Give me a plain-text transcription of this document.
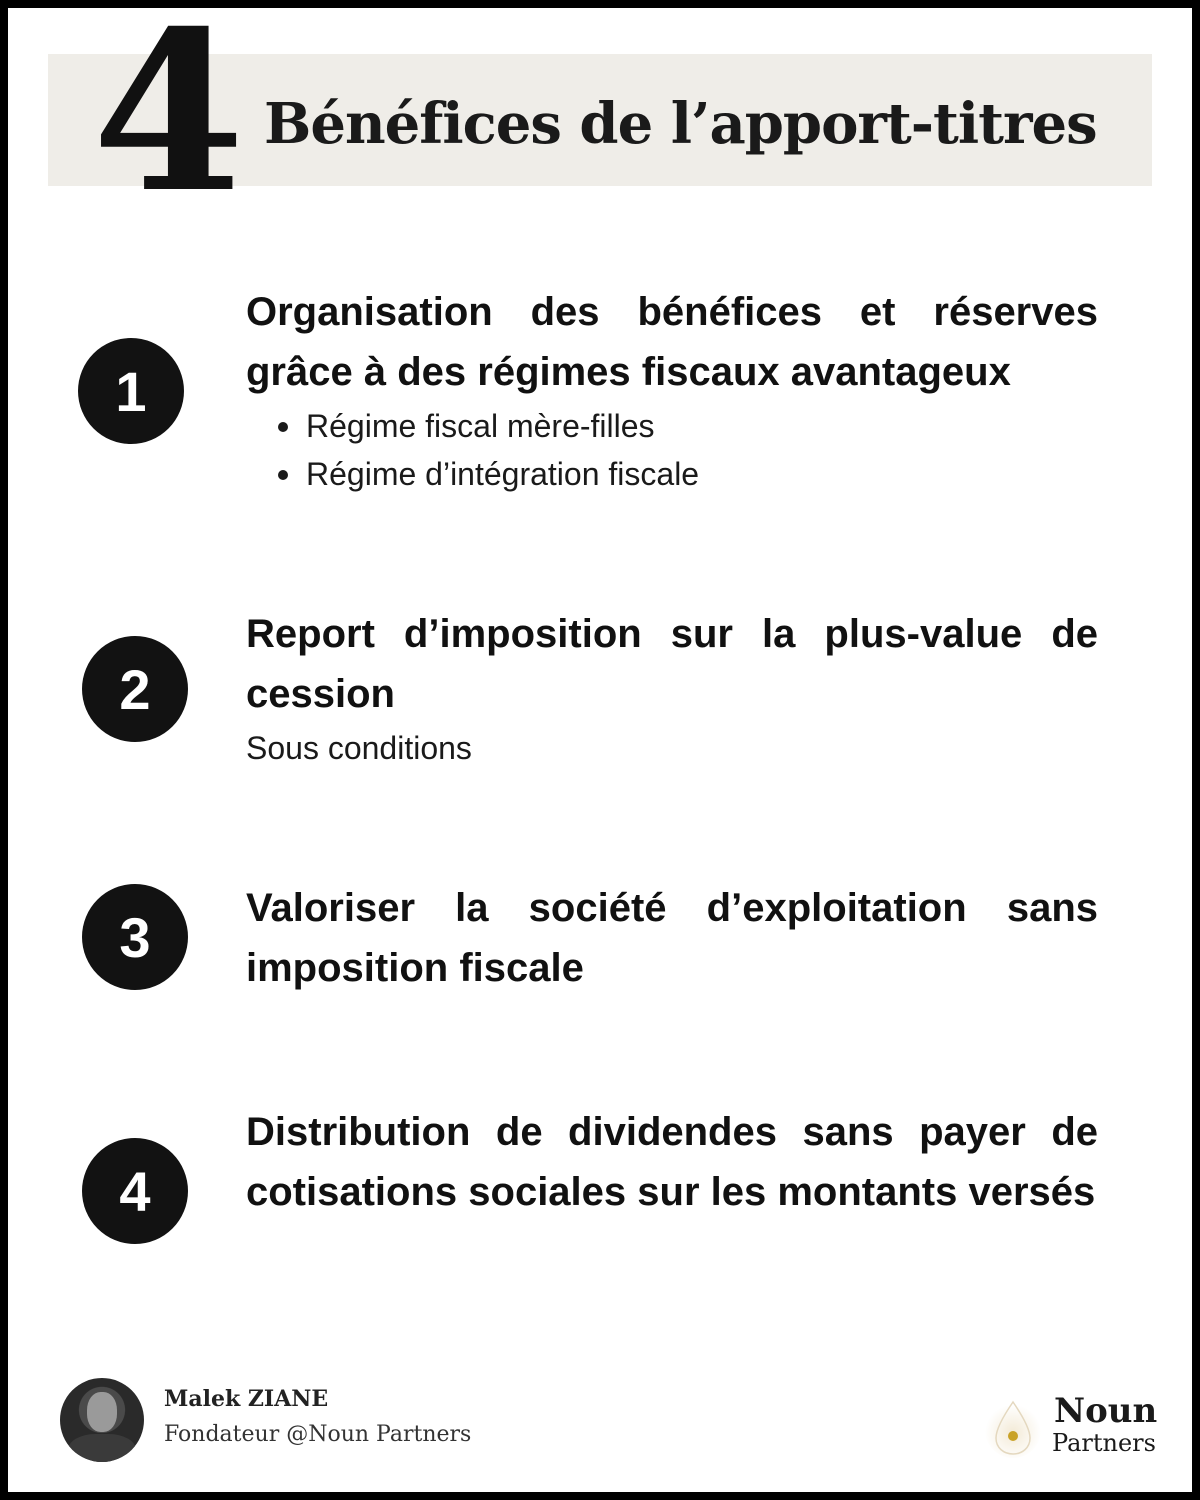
4 Bénéfices de l’apport-titres
1
Organisation des bénéfices et réserves grâce à des régimes fiscaux avantageux
Régime fiscal mère-filles
Régime d’intégration fiscale
2
Report d’imposition sur la plus-value de cession
Sous conditions
3	Valoriser la société d’exploitation sans imposition fiscale
4
Distribution de dividendes sans payer de cotisations sociales sur les montants versés
Malek ZIANE
Fondateur @Noun Partners
Noun
Partners
